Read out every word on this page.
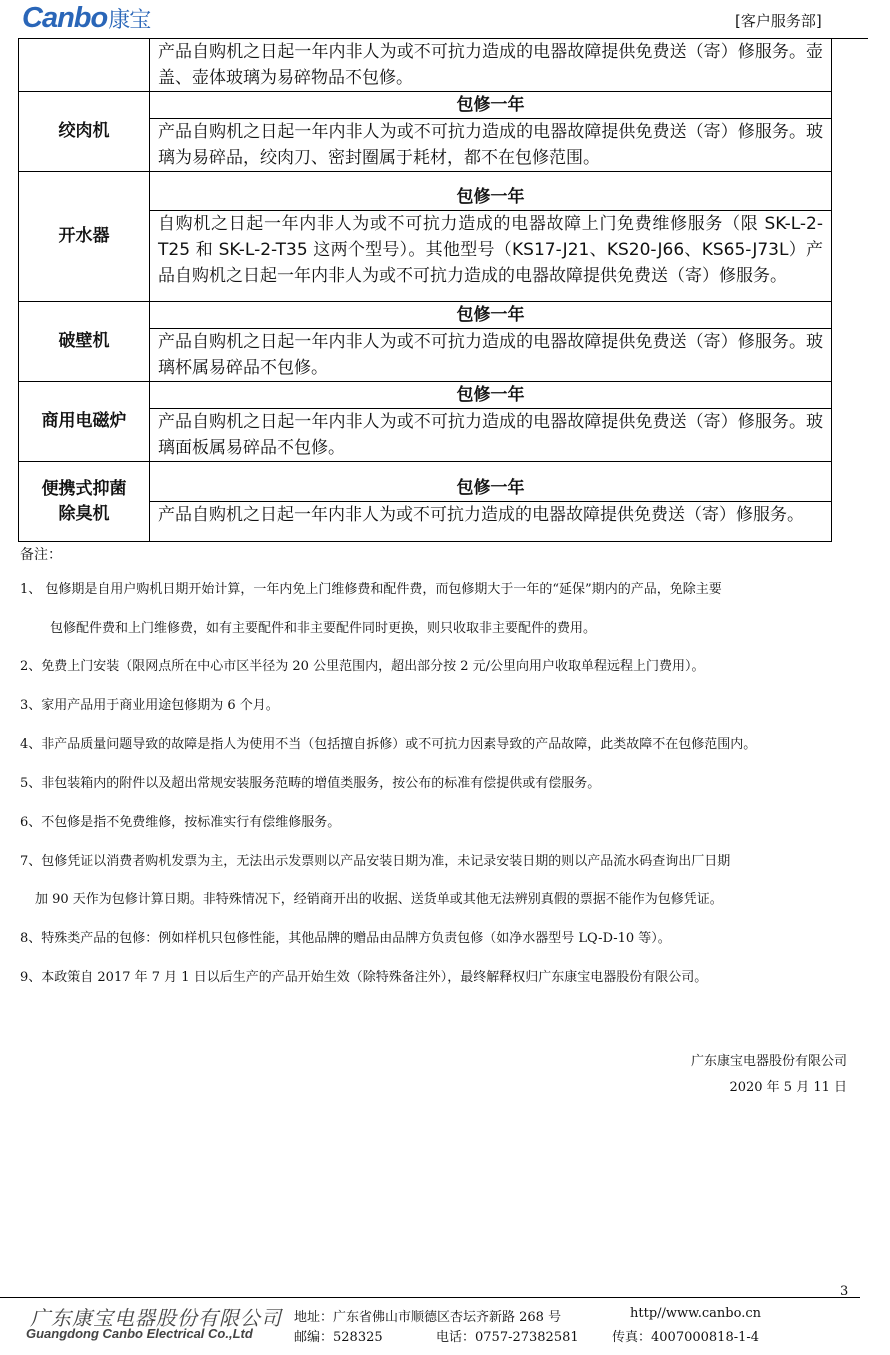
Canbo康宝	[客户服务部]

	产品自购机之日起一年内非人为或不可抗力造成的电器故障提供免费送（寄）修服务。壶盖、壶体玻璃为易碎物品不包修。

绞肉机	包修一年
产品自购机之日起一年内非人为或不可抗力造成的电器故障提供免费送（寄）修服务。玻璃为易碎品，绞肉刀、密封圈属于耗材，都不在包修范围。

开水器	包修一年
自购机之日起一年内非人为或不可抗力造成的电器故障上门免费维修服务（限 SK-L-2-T25 和 SK-L-2-T35 这两个型号）。其他型号（KS17-J21、KS20-J66、KS65-J73L）产品自购机之日起一年内非人为或不可抗力造成的电器故障提供免费送（寄）修服务。

破壁机	包修一年
产品自购机之日起一年内非人为或不可抗力造成的电器故障提供免费送（寄）修服务。玻璃杯属易碎品不包修。

商用电磁炉	包修一年
产品自购机之日起一年内非人为或不可抗力造成的电器故障提供免费送（寄）修服务。玻璃面板属易碎品不包修。

便携式抑菌除臭机	包修一年
产品自购机之日起一年内非人为或不可抗力造成的电器故障提供免费送（寄）修服务。
备注：
1、 包修期是自用户购机日期开始计算，一年内免上门维修费和配件费，而包修期大于一年的“延保”期内的产品，免除主要
包修配件费和上门维修费，如有主要配件和非主要配件同时更换，则只收取非主要配件的费用。
2、免费上门安装（限网点所在中心市区半径为 20 公里范围内，超出部分按 2 元/公里向用户收取单程远程上门费用）。
3、家用产品用于商业用途包修期为 6 个月。
4、非产品质量问题导致的故障是指人为使用不当（包括擅自拆修）或不可抗力因素导致的产品故障，此类故障不在包修范围内。
5、非包装箱内的附件以及超出常规安装服务范畴的增值类服务，按公布的标准有偿提供或有偿服务。
6、不包修是指不免费维修，按标准实行有偿维修服务。
7、包修凭证以消费者购机发票为主，无法出示发票则以产品安装日期为准，未记录安装日期的则以产品流水码查询出厂日期
加 90 天作为包修计算日期。非特殊情况下，经销商开出的收据、送货单或其他无法辨别真假的票据不能作为包修凭证。
8、特殊类产品的包修：例如样机只包修性能，其他品牌的赠品由品牌方负责包修（如净水器型号 LQ-D-10 等）。
9、本政策自 2017 年 7 月 1 日以后生产的产品开始生效（除特殊备注外），最终解释权归广东康宝电器股份有限公司。
广东康宝电器股份有限公司
2020 年 5 月 11 日
3
广东康宝电器股份有限公司
Guangdong Canbo Electrical Co.,Ltd
地址：广东省佛山市顺德区杏坛齐新路 268 号	http//www.canbo.cn
邮编：528325	电话：0757-27382581	传真：4007000818-1-4
